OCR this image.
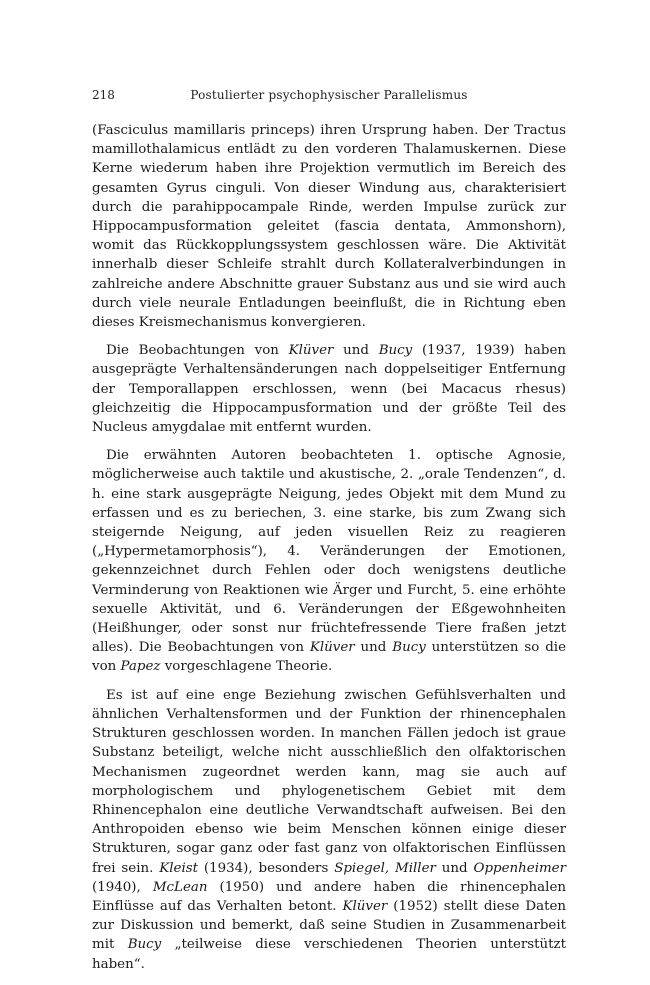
218	Postulierter psychophysischer Parallelismus

(Fasciculus mamillaris princeps) ihren Ursprung haben. Der Tractus mamillothalamicus entlädt zu den vorderen Thalamuskernen. Diese Kerne wiederum haben ihre Projektion vermutlich im Bereich des gesamten Gyrus cinguli. Von dieser Windung aus, charakterisiert durch die parahippocampale Rinde, werden Impulse zurück zur Hippocampusformation geleitet (fascia dentata, Ammonshorn), womit das Rückkopplungssystem geschlossen wäre. Die Aktivität innerhalb dieser Schleife strahlt durch Kollateralverbindungen in zahlreiche andere Abschnitte grauer Substanz aus und sie wird auch durch viele neurale Entladungen beeinflußt, die in Richtung eben dieses Kreismechanismus konvergieren.

Die Beobachtungen von Klüver und Bucy (1937, 1939) haben ausgeprägte Verhaltensänderungen nach doppelseitiger Entfernung der Temporallappen erschlossen, wenn (bei Macacus rhesus) gleichzeitig die Hippocampusformation und der größte Teil des Nucleus amygdalae mit entfernt wurden.

Die erwähnten Autoren beobachteten 1. optische Agnosie, möglicherweise auch taktile und akustische, 2. „orale Tendenzen“, d. h. eine stark ausgeprägte Neigung, jedes Objekt mit dem Mund zu erfassen und es zu beriechen, 3. eine starke, bis zum Zwang sich steigernde Neigung, auf jeden visuellen Reiz zu reagieren („Hypermetamorphosis“), 4. Veränderungen der Emotionen, gekennzeichnet durch Fehlen oder doch wenigstens deutliche Verminderung von Reaktionen wie Ärger und Furcht, 5. eine erhöhte sexuelle Aktivität, und 6. Veränderungen der Eßgewohnheiten (Heißhunger, oder sonst nur früchtefressende Tiere fraßen jetzt alles). Die Beobachtungen von Klüver und Bucy unterstützen so die von Papez vorgeschlagene Theorie.

Es ist auf eine enge Beziehung zwischen Gefühlsverhalten und ähnlichen Verhaltensformen und der Funktion der rhinencephalen Strukturen geschlossen worden. In manchen Fällen jedoch ist graue Substanz beteiligt, welche nicht ausschließlich den olfaktorischen Mechanismen zugeordnet werden kann, mag sie auch auf morphologischem und phylogenetischem Gebiet mit dem Rhinencephalon eine deutliche Verwandtschaft aufweisen. Bei den Anthropoiden ebenso wie beim Menschen können einige dieser Strukturen, sogar ganz oder fast ganz von olfaktorischen Einflüssen frei sein. Kleist (1934), besonders Spiegel, Miller und Oppenheimer (1940), McLean (1950) und andere haben die rhinencephalen Einflüsse auf das Verhalten betont. Klüver (1952) stellt diese Daten zur Diskussion und bemerkt, daß seine Studien in Zusammenarbeit mit Bucy „teilweise diese verschiedenen Theorien unterstützt haben“.
